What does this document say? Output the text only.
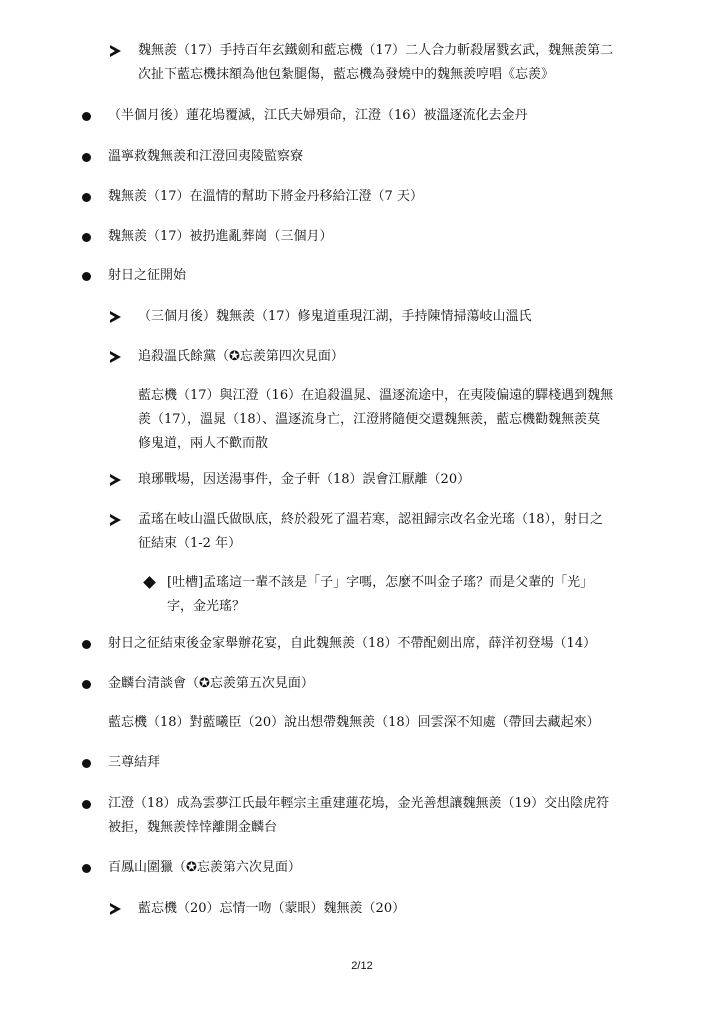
魏無羨（17）手持百年玄鐵劍和藍忘機（17）二人合力斬殺屠戮玄武，魏無羨第二
次扯下藍忘機抹額為他包紮腿傷，藍忘機為發燒中的魏無羨哼唱《忘羨》
（半個月後）蓮花塢覆滅，江氏夫婦殞命，江澄（16）被溫逐流化去金丹
溫寧救魏無羨和江澄回夷陵監察寮
魏無羨（17）在溫情的幫助下將金丹移給江澄（7 天）
魏無羨（17）被扔進亂葬崗（三個月）
射日之征開始
（三個月後）魏無羨（17）修鬼道重現江湖，手持陳情掃蕩岐山溫氏
追殺溫氏餘黨（✪忘羨第四次見面）
藍忘機（17）與江澄（16）在追殺溫晁、溫逐流途中，在夷陵偏遠的驛棧遇到魏無
羨（17），溫晁（18）、溫逐流身亡，江澄將隨便交還魏無羨，藍忘機勸魏無羨莫
修鬼道，兩人不歡而散
琅琊戰場，因送湯事件，金子軒（18）誤會江厭離（20）
孟瑤在岐山溫氏做臥底，終於殺死了溫若寒，認祖歸宗改名金光瑤（18），射日之
征結束（1-2 年）
[吐槽]孟瑤這一輩不該是「子」字嗎，怎麼不叫金子瑤？而是父輩的「光」
字，金光瑤？
射日之征結束後金家舉辦花宴，自此魏無羨（18）不帶配劍出席，薛洋初登場（14）
金麟台清談會（✪忘羨第五次見面）
藍忘機（18）對藍曦臣（20）說出想帶魏無羨（18）回雲深不知處（帶回去藏起來）
三尊結拜
江澄（18）成為雲夢江氏最年輕宗主重建蓮花塢，金光善想讓魏無羨（19）交出陰虎符
被拒，魏無羨悻悻離開金麟台
百鳳山圍獵（✪忘羨第六次見面）
藍忘機（20）忘情一吻（蒙眼）魏無羨（20）
2/12
